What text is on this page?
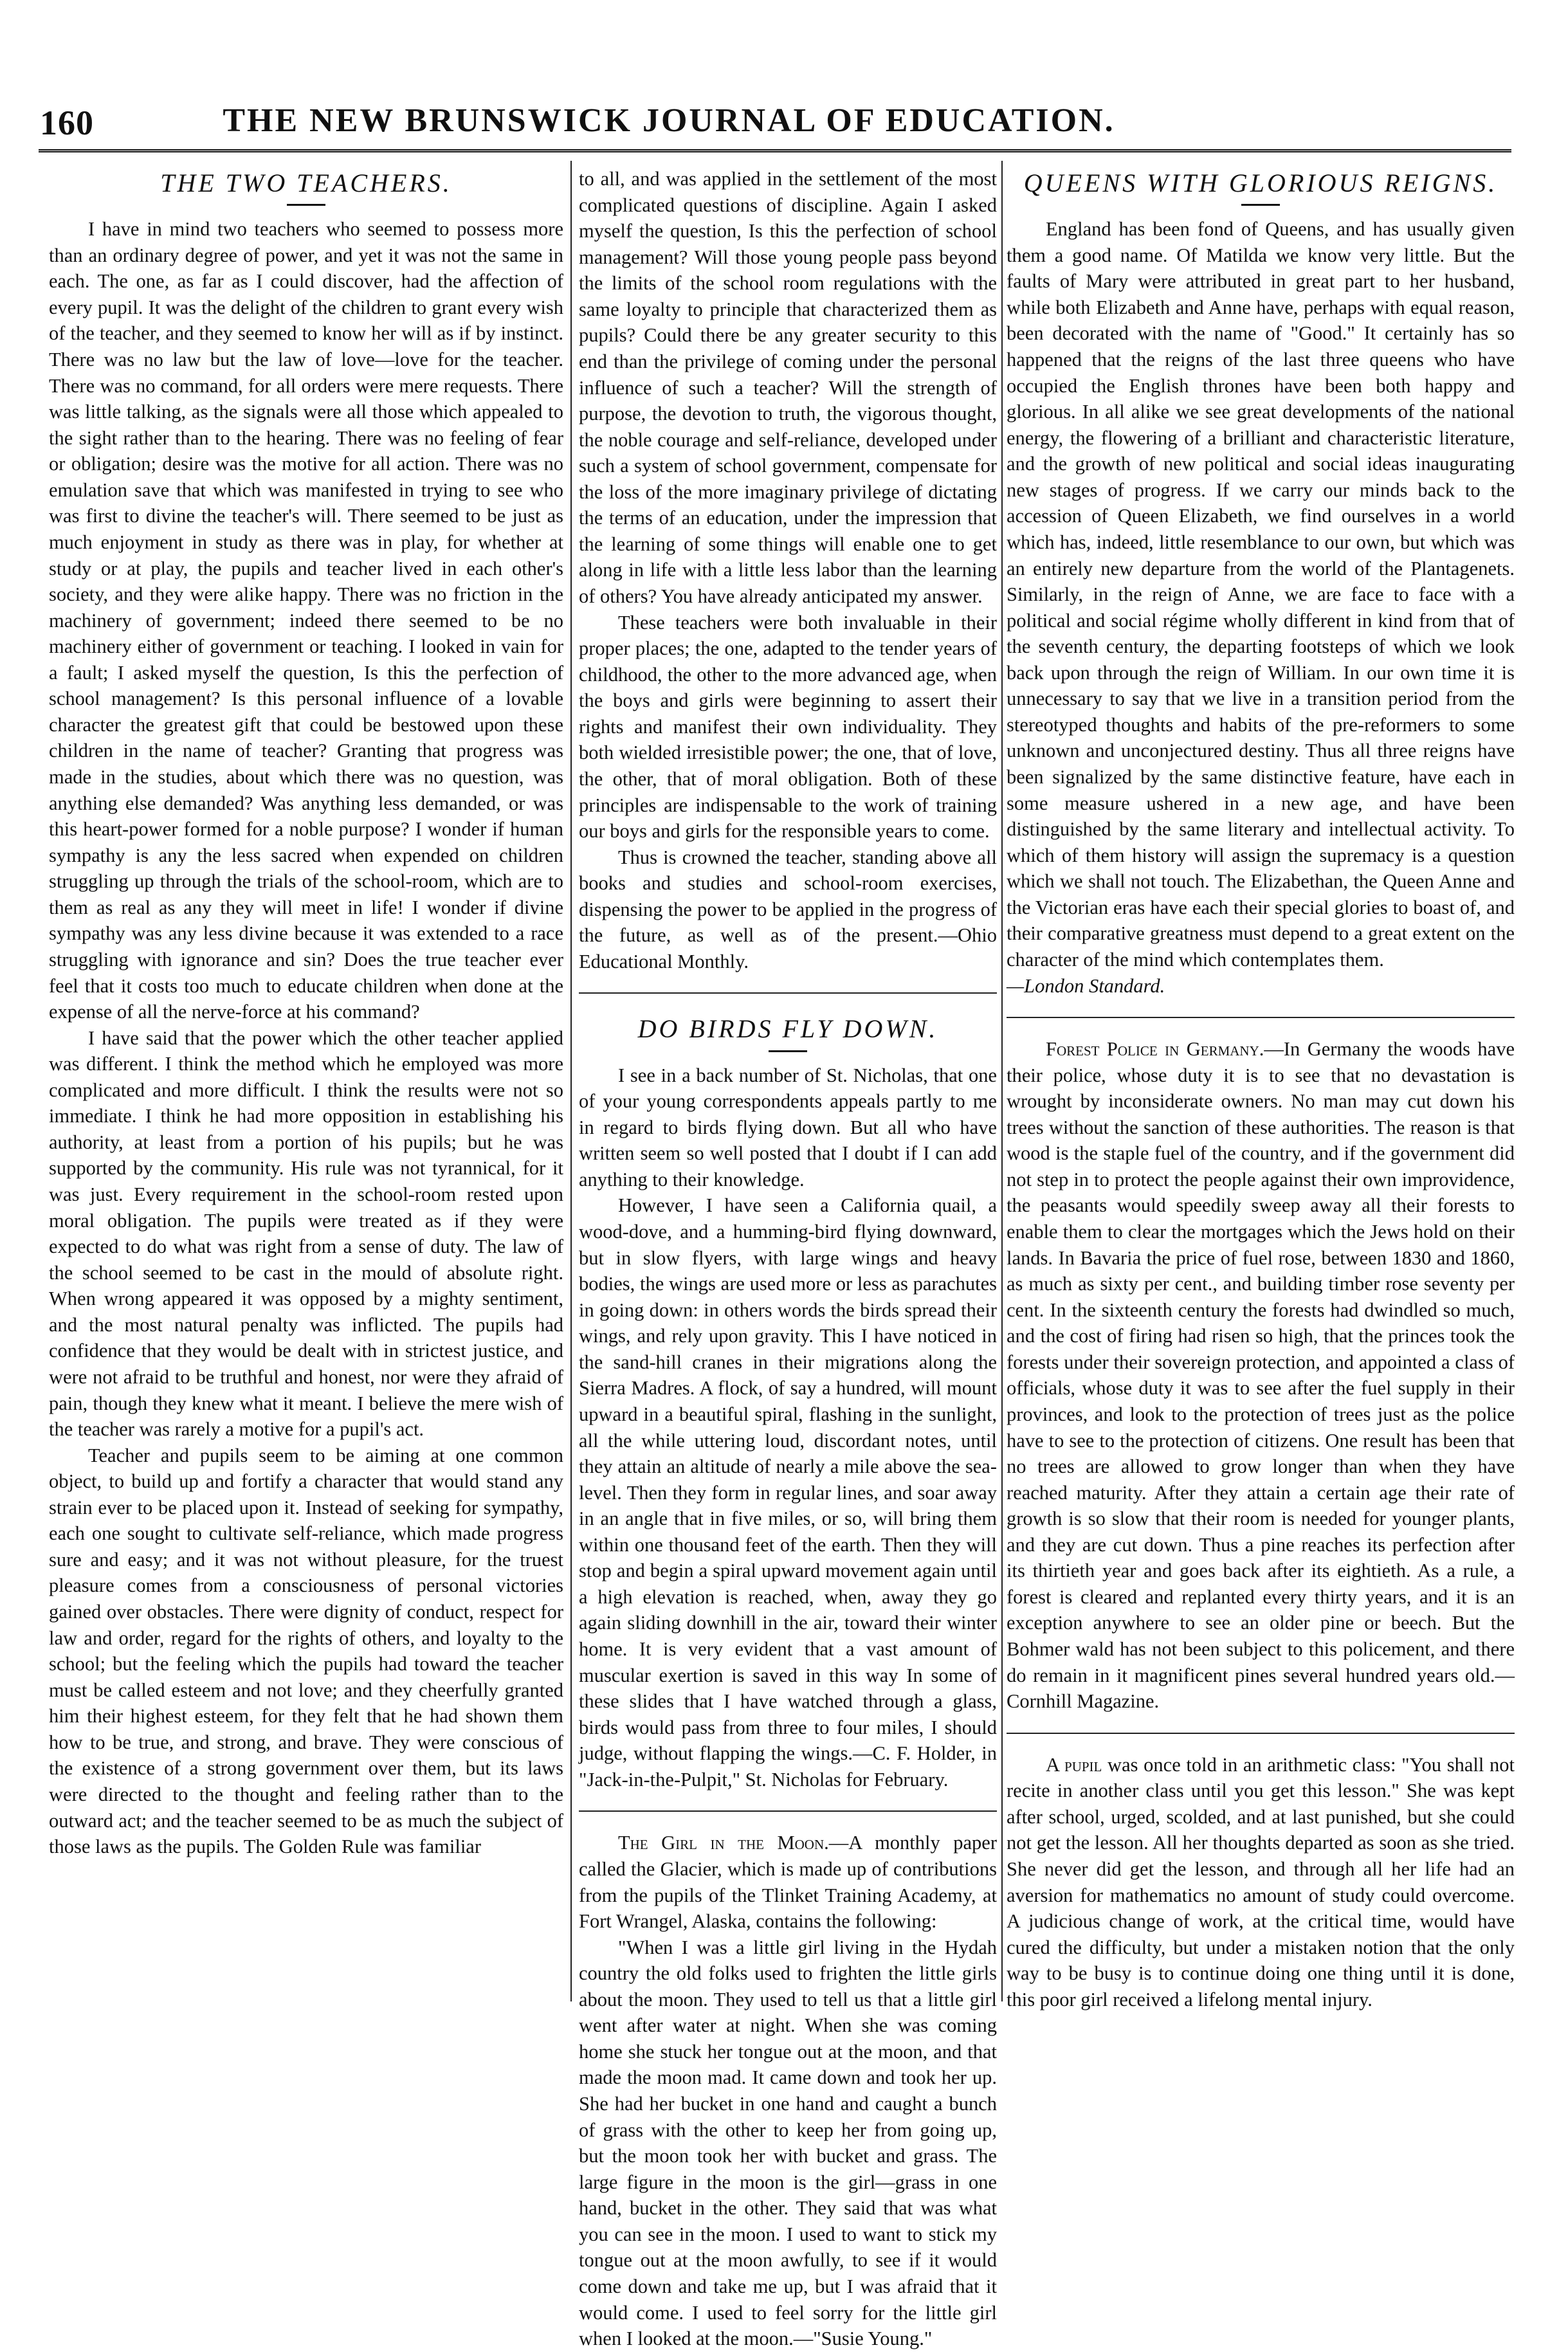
160	THE NEW BRUNSWICK JOURNAL OF EDUCATION.
THE TWO TEACHERS.

I have in mind two teachers who seemed to possess more than an ordinary degree of power, and yet it was not the same in each. The one, as far as I could discover, had the affection of every pupil. It was the delight of the children to grant every wish of the teacher, and they seemed to know her will as if by instinct. There was no law but the law of love—love for the teacher. There was no command, for all orders were mere requests. There was little talking, as the signals were all those which appealed to the sight rather than to the hearing. There was no feeling of fear or obligation; desire was the motive for all action. There was no emulation save that which was manifested in trying to see who was first to divine the teacher's will. There seemed to be just as much enjoyment in study as there was in play, for whether at study or at play, the pupils and teacher lived in each other's society, and they were alike happy. There was no friction in the machinery of government; indeed there seemed to be no machinery either of government or teaching. I looked in vain for a fault; I asked myself the question, Is this the perfection of school management? Is this personal influence of a lovable character the greatest gift that could be bestowed upon these children in the name of teacher? Granting that progress was made in the studies, about which there was no question, was anything else demanded? Was anything less demanded, or was this heart-power formed for a noble purpose? I wonder if human sympathy is any the less sacred when expended on children struggling up through the trials of the school-room, which are to them as real as any they will meet in life! I wonder if divine sympathy was any less divine because it was extended to a race struggling with ignorance and sin? Does the true teacher ever feel that it costs too much to educate children when done at the expense of all the nerve-force at his command?

I have said that the power which the other teacher applied was different. I think the method which he employed was more complicated and more difficult. I think the results were not so immediate. I think he had more opposition in establishing his authority, at least from a portion of his pupils; but he was supported by the community. His rule was not tyrannical, for it was just. Every requirement in the school-room rested upon moral obligation. The pupils were treated as if they were expected to do what was right from a sense of duty. The law of the school seemed to be cast in the mould of absolute right. When wrong appeared it was opposed by a mighty sentiment, and the most natural penalty was inflicted. The pupils had confidence that they would be dealt with in strictest justice, and were not afraid to be truthful and honest, nor were they afraid of pain, though they knew what it meant. I believe the mere wish of the teacher was rarely a motive for a pupil's act.

Teacher and pupils seem to be aiming at one common object, to build up and fortify a character that would stand any strain ever to be placed upon it. Instead of seeking for sympathy, each one sought to cultivate self-reliance, which made progress sure and easy; and it was not without pleasure, for the truest pleasure comes from a consciousness of personal victories gained over obstacles. There were dignity of conduct, respect for law and order, regard for the rights of others, and loyalty to the school; but the feeling which the pupils had toward the teacher must be called esteem and not love; and they cheerfully granted him their highest esteem, for they felt that he had shown them how to be true, and strong, and brave. They were conscious of the existence of a strong government over them, but its laws were directed to the thought and feeling rather than to the outward act; and the teacher seemed to be as much the subject of those laws as the pupils. The Golden Rule was familiar

to all, and was applied in the settlement of the most complicated questions of discipline. Again I asked myself the question, Is this the perfection of school management? Will those young people pass beyond the limits of the school room regulations with the same loyalty to principle that characterized them as pupils? Could there be any greater security to this end than the privilege of coming under the personal influence of such a teacher? Will the strength of purpose, the devotion to truth, the vigorous thought, the noble courage and self-reliance, developed under such a system of school government, compensate for the loss of the more imaginary privilege of dictating the terms of an education, under the impression that the learning of some things will enable one to get along in life with a little less labor than the learning of others? You have already anticipated my answer.

These teachers were both invaluable in their proper places; the one, adapted to the tender years of childhood, the other to the more advanced age, when the boys and girls were beginning to assert their rights and manifest their own individuality. They both wielded irresistible power; the one, that of love, the other, that of moral obligation. Both of these principles are indispensable to the work of training our boys and girls for the responsible years to come.

Thus is crowned the teacher, standing above all books and studies and school-room exercises, dispensing the power to be applied in the progress of the future, as well as of the present.—Ohio Educational Monthly.

DO BIRDS FLY DOWN.

I see in a back number of St. Nicholas, that one of your young correspondents appeals partly to me in regard to birds flying down. But all who have written seem so well posted that I doubt if I can add anything to their knowledge.

However, I have seen a California quail, a wood-dove, and a humming-bird flying downward, but in slow flyers, with large wings and heavy bodies, the wings are used more or less as parachutes in going down: in others words the birds spread their wings, and rely upon gravity. This I have noticed in the sand-hill cranes in their migrations along the Sierra Madres. A flock, of say a hundred, will mount upward in a beautiful spiral, flashing in the sunlight, all the while uttering loud, discordant notes, until they attain an altitude of nearly a mile above the sea-level. Then they form in regular lines, and soar away in an angle that in five miles, or so, will bring them within one thousand feet of the earth. Then they will stop and begin a spiral upward movement again until a high elevation is reached, when, away they go again sliding downhill in the air, toward their winter home. It is very evident that a vast amount of muscular exertion is saved in this way In some of these slides that I have watched through a glass, birds would pass from three to four miles, I should judge, without flapping the wings.—C. F. Holder, in "Jack-in-the-Pulpit," St. Nicholas for February.

The Girl in the Moon.—A monthly paper called the Glacier, which is made up of contributions from the pupils of the Tlinket Training Academy, at Fort Wrangel, Alaska, contains the following:

"When I was a little girl living in the Hydah country the old folks used to frighten the little girls about the moon. They used to tell us that a little girl went after water at night. When she was coming home she stuck her tongue out at the moon, and that made the moon mad. It came down and took her up. She had her bucket in one hand and caught a bunch of grass with the other to keep her from going up, but the moon took her with bucket and grass. The large figure in the moon is the girl—grass in one hand, bucket in the other. They said that was what you can see in the moon. I used to want to stick my tongue out at the moon awfully, to see if it would come down and take me up, but I was afraid that it would come. I used to feel sorry for the little girl when I looked at the moon.—"Susie Young."

QUEENS WITH GLORIOUS REIGNS.

England has been fond of Queens, and has usually given them a good name. Of Matilda we know very little. But the faults of Mary were attributed in great part to her husband, while both Elizabeth and Anne have, perhaps with equal reason, been decorated with the name of "Good." It certainly has so happened that the reigns of the last three queens who have occupied the English thrones have been both happy and glorious. In all alike we see great developments of the national energy, the flowering of a brilliant and characteristic literature, and the growth of new political and social ideas inaugurating new stages of progress. If we carry our minds back to the accession of Queen Elizabeth, we find ourselves in a world which has, indeed, little resemblance to our own, but which was an entirely new departure from the world of the Plantagenets. Similarly, in the reign of Anne, we are face to face with a political and social régime wholly different in kind from that of the seventh century, the departing footsteps of which we look back upon through the reign of William. In our own time it is unnecessary to say that we live in a transition period from the stereotyped thoughts and habits of the pre-reformers to some unknown and unconjectured destiny. Thus all three reigns have been signalized by the same distinctive feature, have each in some measure ushered in a new age, and have been distinguished by the same literary and intellectual activity. To which of them history will assign the supremacy is a question which we shall not touch. The Elizabethan, the Queen Anne and the Victorian eras have each their special glories to boast of, and their comparative greatness must depend to a great extent on the character of the mind which contemplates them.

—London Standard.

Forest Police in Germany.—In Germany the woods have their police, whose duty it is to see that no devastation is wrought by inconsiderate owners. No man may cut down his trees without the sanction of these authorities. The reason is that wood is the staple fuel of the country, and if the government did not step in to protect the people against their own improvidence, the peasants would speedily sweep away all their forests to enable them to clear the mortgages which the Jews hold on their lands. In Bavaria the price of fuel rose, between 1830 and 1860, as much as sixty per cent., and building timber rose seventy per cent. In the sixteenth century the forests had dwindled so much, and the cost of firing had risen so high, that the princes took the forests under their sovereign protection, and appointed a class of officials, whose duty it was to see after the fuel supply in their provinces, and look to the protection of trees just as the police have to see to the protection of citizens. One result has been that no trees are allowed to grow longer than when they have reached maturity. After they attain a certain age their rate of growth is so slow that their room is needed for younger plants, and they are cut down. Thus a pine reaches its perfection after its thirtieth year and goes back after its eightieth. As a rule, a forest is cleared and replanted every thirty years, and it is an exception anywhere to see an older pine or beech. But the Bohmer wald has not been subject to this policement, and there do remain in it magnificent pines several hundred years old.—Cornhill Magazine.

A pupil was once told in an arithmetic class: "You shall not recite in another class until you get this lesson." She was kept after school, urged, scolded, and at last punished, but she could not get the lesson. All her thoughts departed as soon as she tried. She never did get the lesson, and through all her life had an aversion for mathematics no amount of study could overcome. A judicious change of work, at the critical time, would have cured the difficulty, but under a mistaken notion that the only way to be busy is to continue doing one thing until it is done, this poor girl received a lifelong mental injury.
